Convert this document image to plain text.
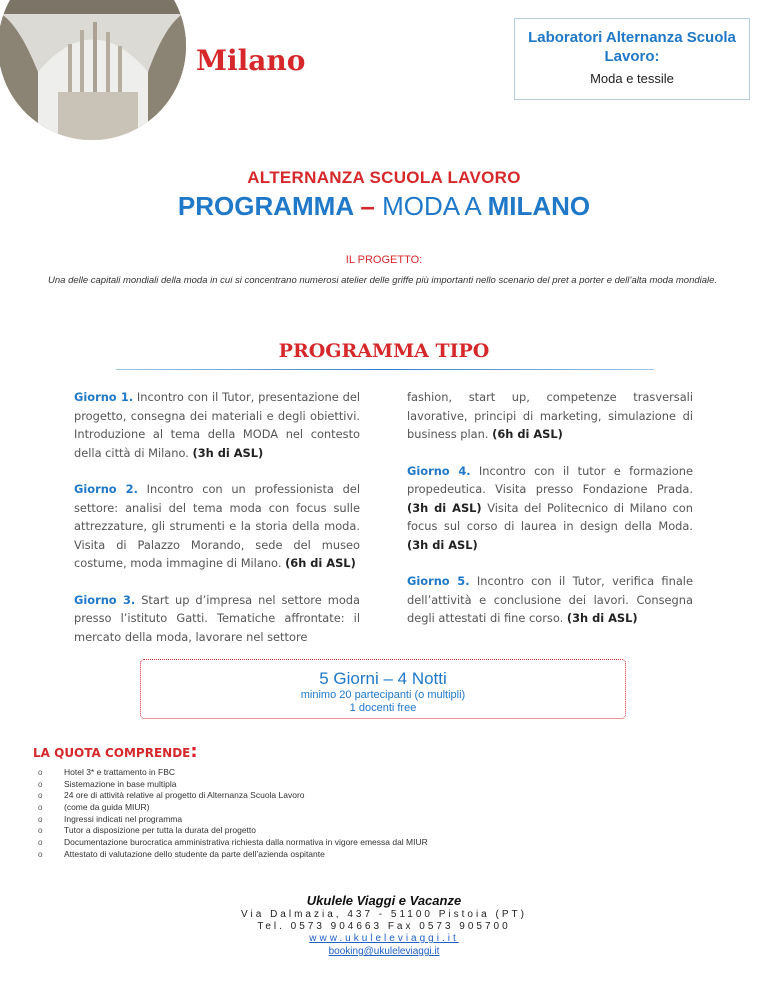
Milano
Laboratori Alternanza Scuola Lavoro:
Moda e tessile
ALTERNANZA SCUOLA LAVORO
PROGRAMMA – MODA A MILANO
IL PROGETTO:
Una delle capitali mondiali della moda in cui si concentrano numerosi atelier delle griffe più importanti nello scenario del pret a porter e dell’alta moda mondiale.
PROGRAMMA TIPO

Giorno 1. Incontro con il Tutor, presentazione del progetto, consegna dei materiali e degli obiettivi. Introduzione al tema della MODA nel contesto della città di Milano. (3h di ASL)

Giorno 2. Incontro con un professionista del settore: analisi del tema moda con focus sulle attrezzature, gli strumenti e la storia della moda. Visita di Palazzo Morando, sede del museo costume, moda immagine di Milano. (6h di ASL)

Giorno 3. Start up d’impresa nel settore moda presso l’istituto Gatti. Tematiche affrontate: il mercato della moda, lavorare nel settore

fashion, start up, competenze trasversali lavorative, principi di marketing, simulazione di business plan. (6h di ASL)

Giorno 4. Incontro con il tutor e formazione propedeutica. Visita presso Fondazione Prada. (3h di ASL) Visita del Politecnico di Milano con focus sul corso di laurea in design della Moda. (3h di ASL)

Giorno 5. Incontro con il Tutor, verifica finale dell’attività e conclusione dei lavori. Consegna degli attestati di fine corso. (3h di ASL)

5 Giorni – 4 Notti
minimo 20 partecipanti (o multipli)
1 docenti free
LA QUOTA COMPRENDE:
o	Hotel 3* e trattamento in FBC
o	Sistemazione in base multipla
o	24 ore di attività relative al progetto di Alternanza Scuola Lavoro
o	(come da guida MIUR)
o	Ingressi indicati nel programma
o	Tutor a disposizione per tutta la durata del progetto
o	Documentazione burocratica amministrativa richiesta dalla normativa in vigore emessa dal MIUR
o	Attestato di valutazione dello studente da parte dell’azienda ospitante
Ukulele Viaggi e Vacanze
Via Dalmazia, 437 - 51100 Pistoia (PT)
Tel. 0573 904663 Fax 0573 905700
www.ukuleleviaggi.it
booking@ukuleleviaggi.it
